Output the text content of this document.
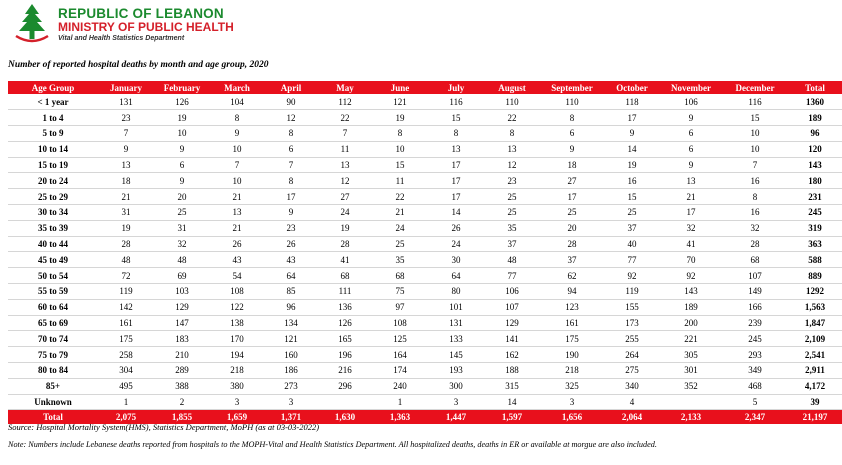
REPUBLIC OF LEBANON
MINISTRY OF PUBLIC HEALTH
Vital and Health Statistics Department
Number of reported hospital deaths by month and age group, 2020
Age Group	January	February	March	April	May	June	July	August	September	October	November	December	Total
< 1 year	131	126	104	90	112	121	116	110	110	118	106	116	1360
1 to 4	23	19	8	12	22	19	15	22	8	17	9	15	189
5 to 9	7	10	9	8	7	8	8	8	6	9	6	10	96
10 to 14	9	9	10	6	11	10	13	13	9	14	6	10	120
15 to 19	13	6	7	7	13	15	17	12	18	19	9	7	143
20 to 24	18	9	10	8	12	11	17	23	27	16	13	16	180
25 to 29	21	20	21	17	27	22	17	25	17	15	21	8	231
30 to 34	31	25	13	9	24	21	14	25	25	25	17	16	245
35 to 39	19	31	21	23	19	24	26	35	20	37	32	32	319
40 to 44	28	32	26	26	28	25	24	37	28	40	41	28	363
45 to 49	48	48	43	43	41	35	30	48	37	77	70	68	588
50 to 54	72	69	54	64	68	68	64	77	62	92	92	107	889
55 to 59	119	103	108	85	111	75	80	106	94	119	143	149	1292
60 to 64	142	129	122	96	136	97	101	107	123	155	189	166	1,563
65 to 69	161	147	138	134	126	108	131	129	161	173	200	239	1,847
70 to 74	175	183	170	121	165	125	133	141	175	255	221	245	2,109
75 to 79	258	210	194	160	196	164	145	162	190	264	305	293	2,541
80 to 84	304	289	218	186	216	174	193	188	218	275	301	349	2,911
85+	495	388	380	273	296	240	300	315	325	340	352	468	4,172
Unknown	1	2	3	3		1	3	14	3	4		5	39
Total	2,075	1,855	1,659	1,371	1,630	1,363	1,447	1,597	1,656	2,064	2,133	2,347	21,197
Source: Hospital Mortality System(HMS), Statistics Department, MoPH (as at 03-03-2022)
Note: Numbers include Lebanese deaths reported from hospitals to the MOPH-Vital and Health Statistics Department. All hospitalized deaths, deaths in ER or available at morgue are also included.
